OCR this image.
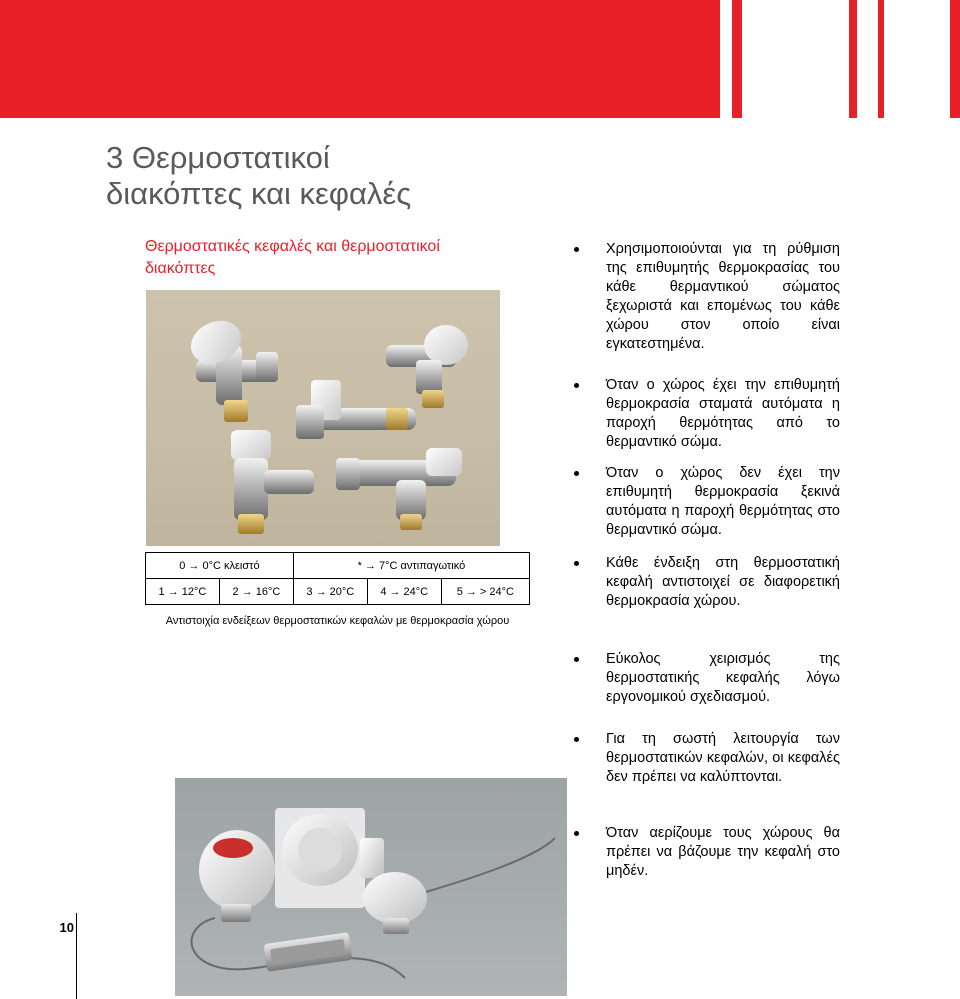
3 Θερμοστατικοί
διακόπτες και κεφαλές
Θερμοστατικές κεφαλές και θερμοστατικοί
διακόπτες
0 → 0°C κλειστό		* → 7°C αντιπαγωτικό		
1 → 12°C	2 → 16°C	3 → 20°C	4 → 24°C	5 → > 24°C
Αντιστοιχία ενδείξεων θερμοστατικών κεφαλών με θερμοκρασία χώρου
Χρησιμοποιούνται για τη ρύθμιση της επιθυμητής θερμοκρασίας του κάθε θερμαντικού σώματος ξεχωριστά και επομένως του κάθε χώρου στον οποίο είναι εγκατεστημένα.
Όταν ο χώρος έχει την επιθυμητή θερμοκρασία σταματά αυτόματα η παροχή θερμότητας από το θερμαντικό σώμα.
Όταν ο χώρος δεν έχει την επιθυμητή θερμοκρασία ξεκινά αυτόματα η παροχή θερμότητας στο θερμαντικό σώμα.
Κάθε ένδειξη στη θερμοστατική κεφαλή αντιστοιχεί σε διαφορετική θερμοκρασία χώρου.
Εύκολος χειρισμός της θερμοστατικής κεφαλής λόγω εργονομικού σχεδιασμού.
Για τη σωστή λειτουργία των θερμοστατικών κεφαλών, οι κεφαλές δεν πρέπει να καλύπτονται.
Όταν αερίζουμε τους χώρους θα πρέπει να βάζουμε την κεφαλή στο μηδέν.
10
